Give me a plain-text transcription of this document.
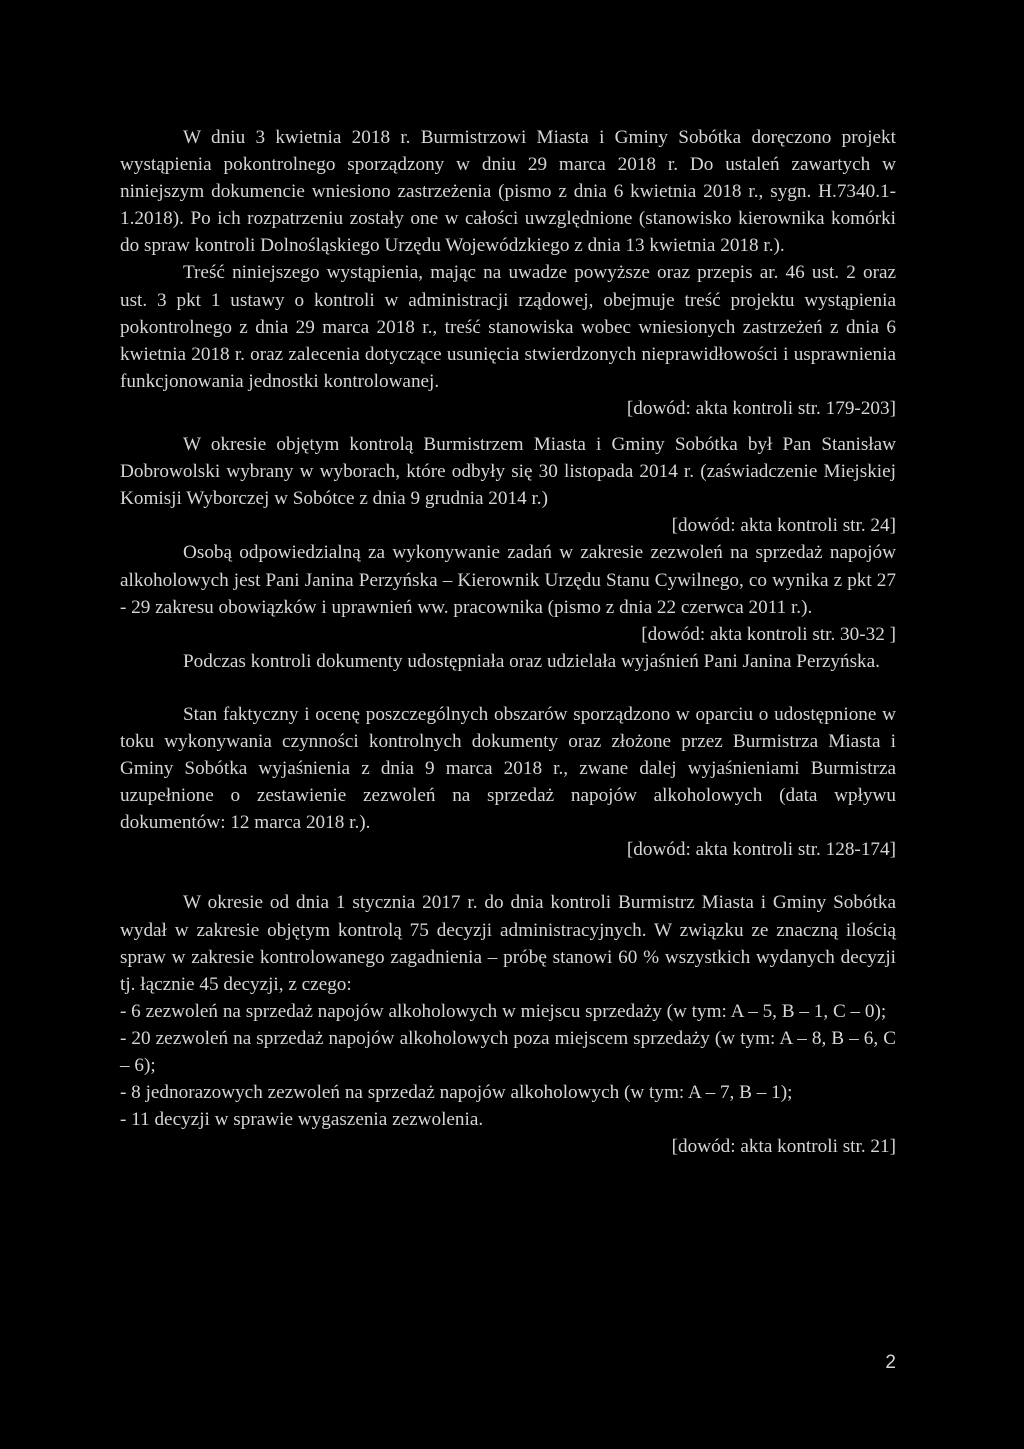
W dniu 3 kwietnia 2018 r. Burmistrzowi Miasta i Gminy Sobótka doręczono projekt wystąpienia pokontrolnego sporządzony w dniu 29 marca 2018 r. Do ustaleń zawartych w niniejszym dokumencie wniesiono zastrzeżenia (pismo z dnia 6 kwietnia 2018 r., sygn. H.7340.1-1.2018). Po ich rozpatrzeniu zostały one w całości uwzględnione (stanowisko kierownika komórki do spraw kontroli Dolnośląskiego Urzędu Wojewódzkiego z dnia 13 kwietnia 2018 r.).

Treść niniejszego wystąpienia, mając na uwadze powyższe oraz przepis ar. 46 ust. 2 oraz ust. 3 pkt 1 ustawy o kontroli w administracji rządowej, obejmuje treść projektu wystąpienia pokontrolnego z dnia 29 marca 2018 r., treść stanowiska wobec wniesionych zastrzeżeń z dnia 6 kwietnia 2018 r. oraz zalecenia dotyczące usunięcia stwierdzonych nieprawidłowości i usprawnienia funkcjonowania jednostki kontrolowanej.

[dowód: akta kontroli str. 179-203]

W okresie objętym kontrolą Burmistrzem Miasta i Gminy Sobótka był Pan Stanisław Dobrowolski wybrany w wyborach, które odbyły się 30 listopada 2014 r. (zaświadczenie Miejskiej Komisji Wyborczej w Sobótce z dnia 9 grudnia 2014 r.)

[dowód: akta kontroli str. 24]

Osobą odpowiedzialną za wykonywanie zadań w zakresie zezwoleń na sprzedaż napojów alkoholowych jest Pani Janina Perzyńska – Kierownik Urzędu Stanu Cywilnego, co wynika z pkt 27 - 29 zakresu obowiązków i uprawnień ww. pracownika (pismo z dnia 22 czerwca 2011 r.).

[dowód: akta kontroli str. 30-32 ]

Podczas kontroli dokumenty udostępniała oraz udzielała wyjaśnień Pani Janina Perzyńska.

Stan faktyczny i ocenę poszczególnych obszarów sporządzono w oparciu o udostępnione w toku wykonywania czynności kontrolnych dokumenty oraz złożone przez Burmistrza Miasta i Gminy Sobótka wyjaśnienia z dnia 9 marca 2018 r., zwane dalej wyjaśnieniami Burmistrza uzupełnione o zestawienie zezwoleń na sprzedaż napojów alkoholowych (data wpływu dokumentów: 12 marca 2018 r.).

[dowód: akta kontroli str. 128-174]

W okresie od dnia 1 stycznia 2017 r. do dnia kontroli Burmistrz Miasta i Gminy Sobótka wydał w zakresie objętym kontrolą 75 decyzji administracyjnych. W związku ze znaczną ilością spraw w zakresie kontrolowanego zagadnienia – próbę stanowi 60 % wszystkich wydanych decyzji tj. łącznie 45 decyzji, z czego:

- 6 zezwoleń na sprzedaż napojów alkoholowych w miejscu sprzedaży (w tym: A – 5, B – 1, C – 0);

- 20 zezwoleń na sprzedaż napojów alkoholowych poza miejscem sprzedaży (w tym: A – 8, B – 6, C – 6);

- 8 jednorazowych zezwoleń na sprzedaż napojów alkoholowych (w tym: A – 7, B – 1);

- 11 decyzji w sprawie wygaszenia zezwolenia.

[dowód: akta kontroli str. 21]

2
